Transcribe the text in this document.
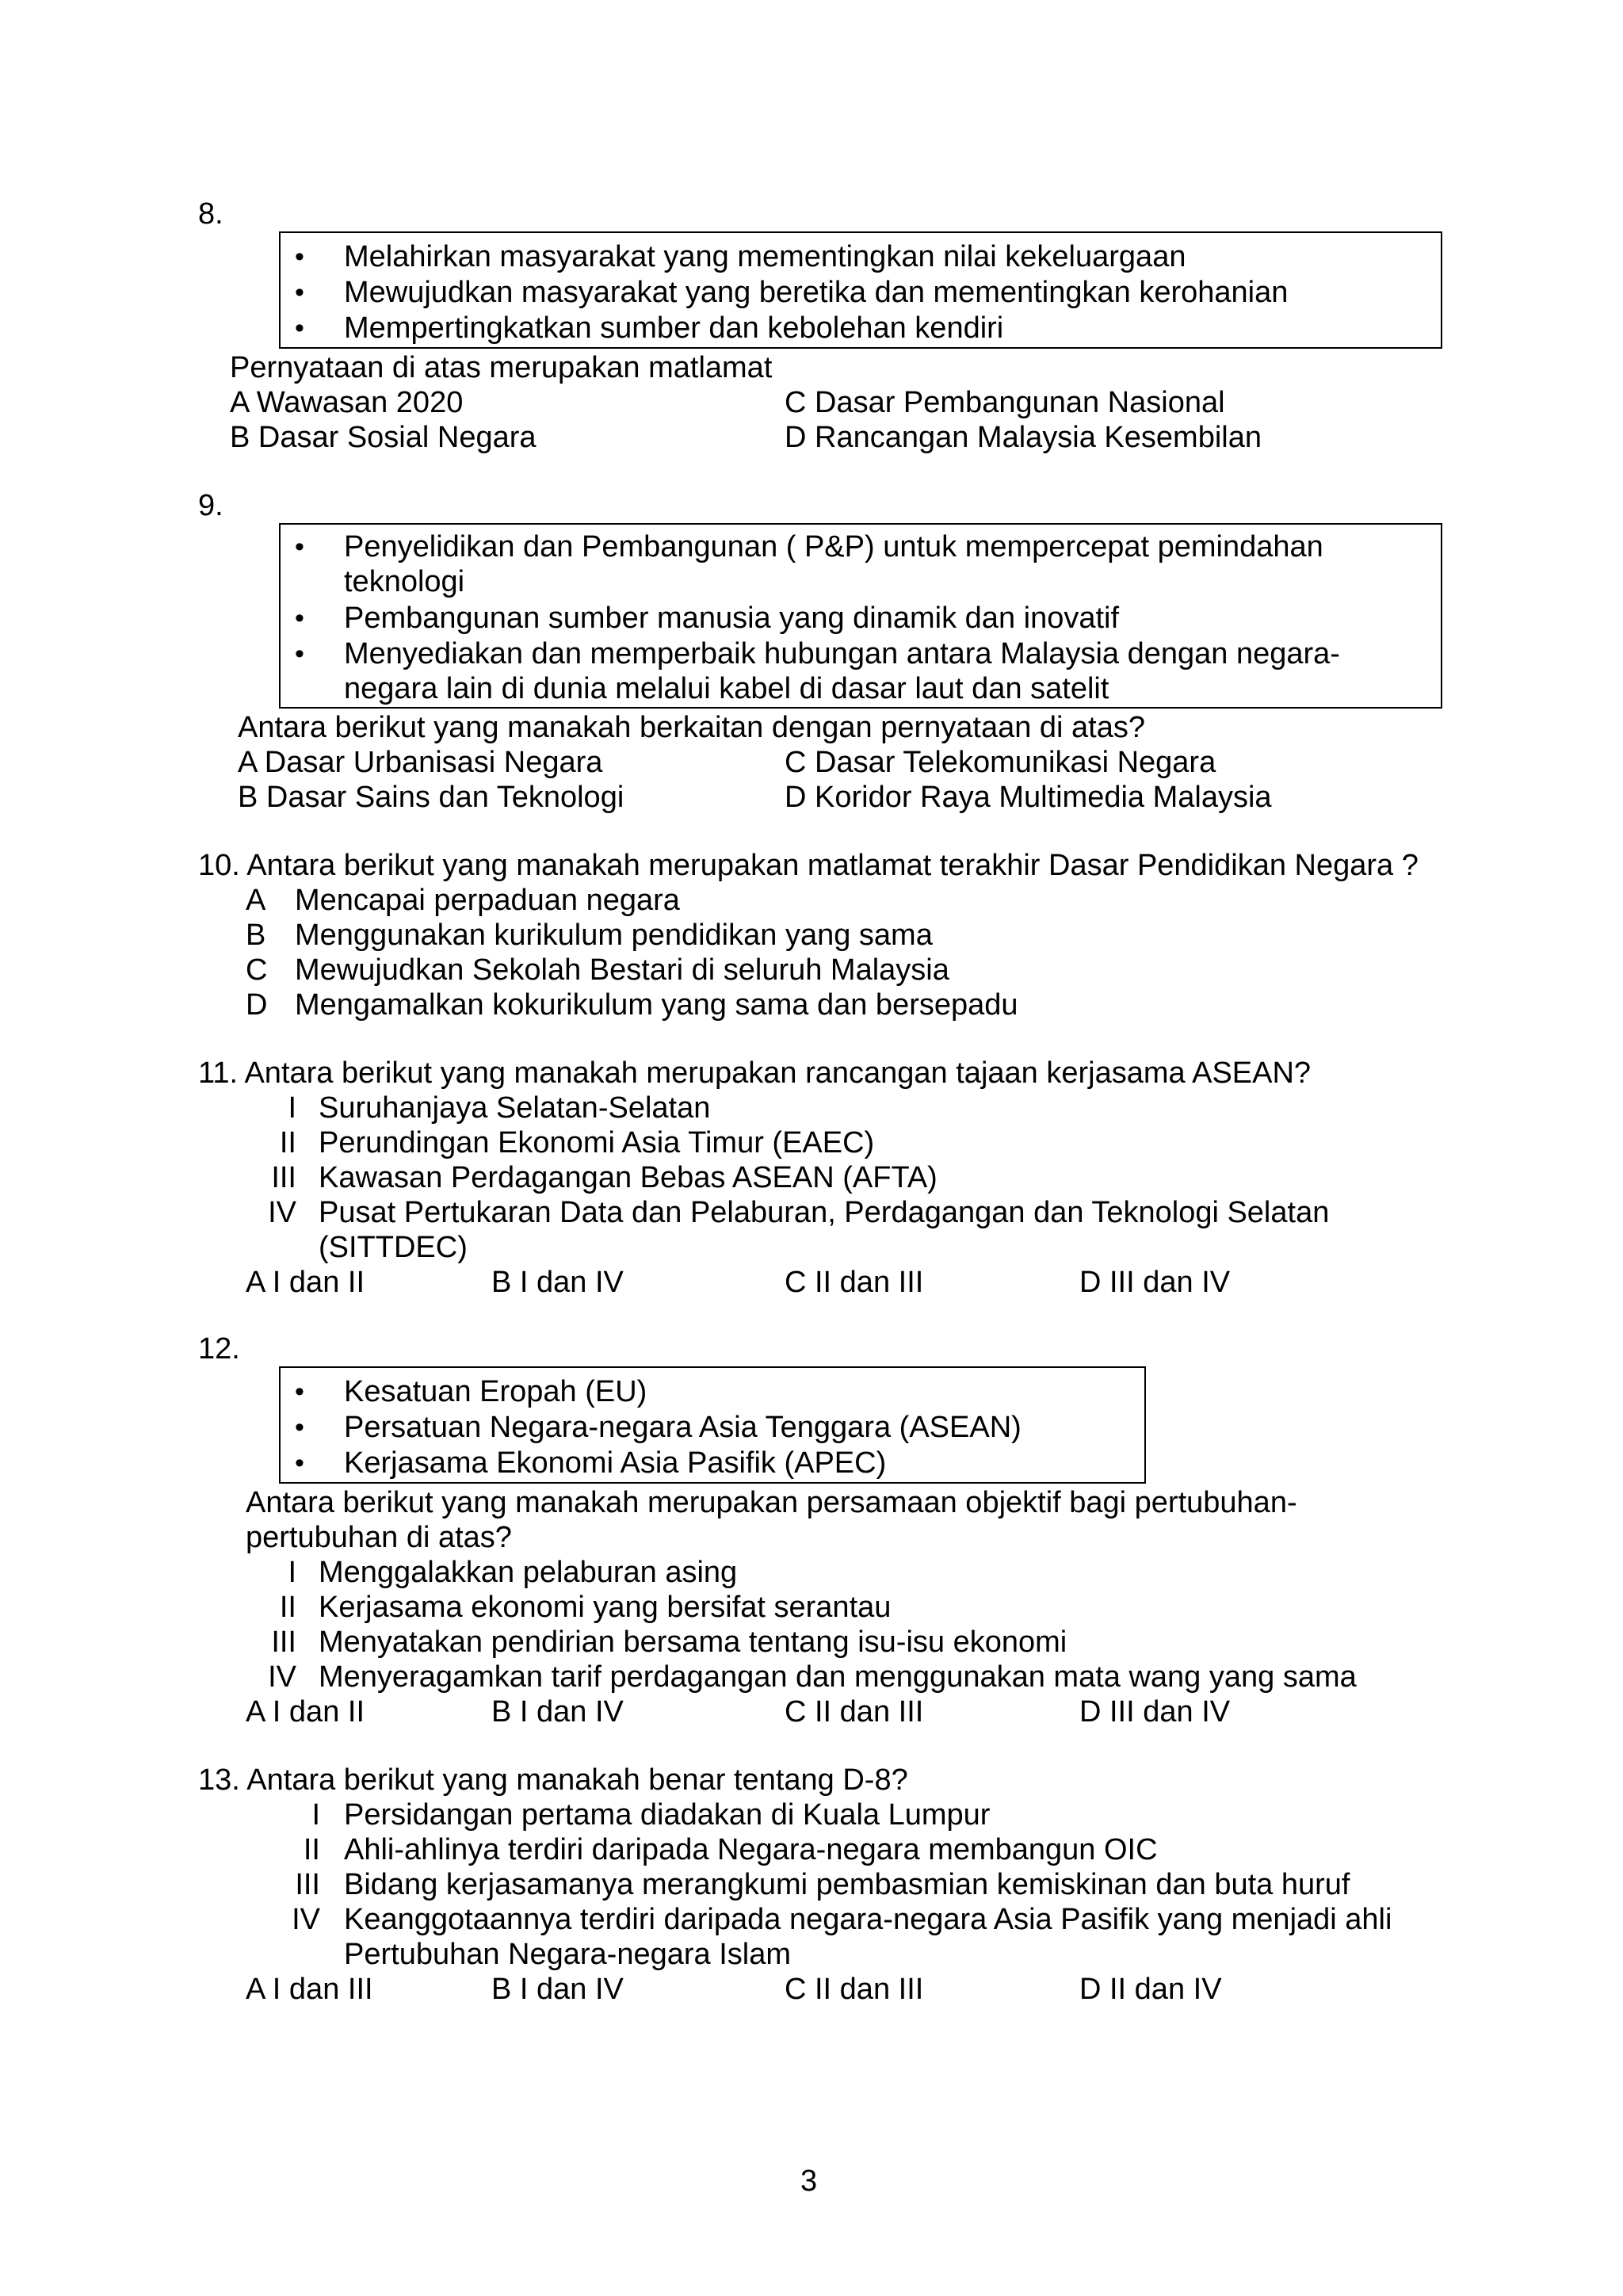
8.
• Melahirkan masyarakat yang mementingkan nilai kekeluargaan
• Mewujudkan masyarakat yang beretika dan mementingkan kerohanian
• Mempertingkatkan sumber dan kebolehan kendiri
Pernyataan di atas merupakan matlamat
A Wawasan 2020	C Dasar Pembangunan Nasional
B Dasar Sosial Negara	D Rancangan Malaysia Kesembilan
9.
• Penyelidikan dan Pembangunan ( P&P) untuk mempercepat pemindahan
teknologi
• Pembangunan sumber manusia yang dinamik dan inovatif
• Menyediakan dan memperbaik hubungan antara Malaysia dengan negara-
negara lain di dunia melalui kabel di dasar laut dan satelit
Antara berikut yang manakah berkaitan dengan pernyataan di atas?
A Dasar Urbanisasi Negara	C Dasar Telekomunikasi Negara
B Dasar Sains dan Teknologi	D Koridor Raya Multimedia Malaysia
10. Antara berikut yang manakah merupakan matlamat terakhir Dasar Pendidikan Negara ?
A Mencapai perpaduan negara
B Menggunakan kurikulum pendidikan yang sama
C Mewujudkan Sekolah Bestari di seluruh Malaysia
D Mengamalkan kokurikulum yang sama dan bersepadu
11. Antara berikut yang manakah merupakan rancangan tajaan kerjasama ASEAN?
I Suruhanjaya Selatan-Selatan
II Perundingan Ekonomi Asia Timur (EAEC)
III Kawasan Perdagangan Bebas ASEAN (AFTA)
IV Pusat Pertukaran Data dan Pelaburan, Perdagangan dan Teknologi Selatan
(SITTDEC)
A I dan II	B I dan IV	C II dan III	D III dan IV
12.
• Kesatuan Eropah (EU)
• Persatuan Negara-negara Asia Tenggara (ASEAN)
• Kerjasama Ekonomi Asia Pasifik (APEC)
Antara berikut yang manakah merupakan persamaan objektif bagi pertubuhan-
pertubuhan di atas?
I Menggalakkan pelaburan asing
II Kerjasama ekonomi yang bersifat serantau
III Menyatakan pendirian bersama tentang isu-isu ekonomi
IV Menyeragamkan tarif perdagangan dan menggunakan mata wang yang sama
A I dan II	B I dan IV	C II dan III	D III dan IV
13. Antara berikut yang manakah benar tentang D-8?
I Persidangan pertama diadakan di Kuala Lumpur
II Ahli-ahlinya terdiri daripada Negara-negara membangun OIC
III Bidang kerjasamanya merangkumi pembasmian kemiskinan dan buta huruf
IV Keanggotaannya terdiri daripada negara-negara Asia Pasifik yang menjadi ahli
Pertubuhan Negara-negara Islam
A I dan III	B I dan IV	C II dan III	D II dan IV
3
